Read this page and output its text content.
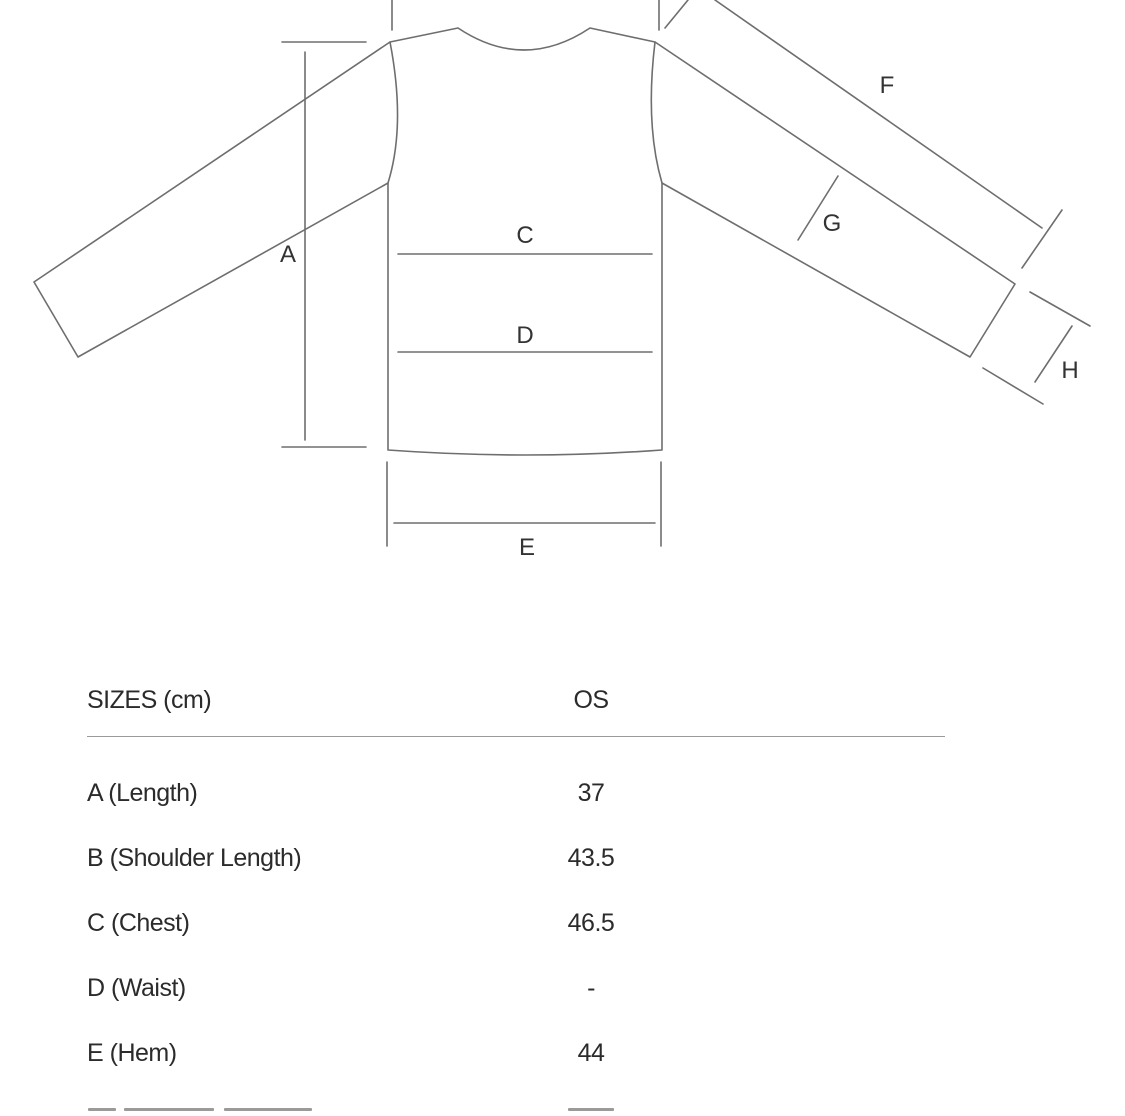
A
C
D
E
F
G
H
SIZES (cm)	OS
A (Length)	37
B (Shoulder Length)	43.5
C (Chest)	46.5
D (Waist)	-
E (Hem)	44
